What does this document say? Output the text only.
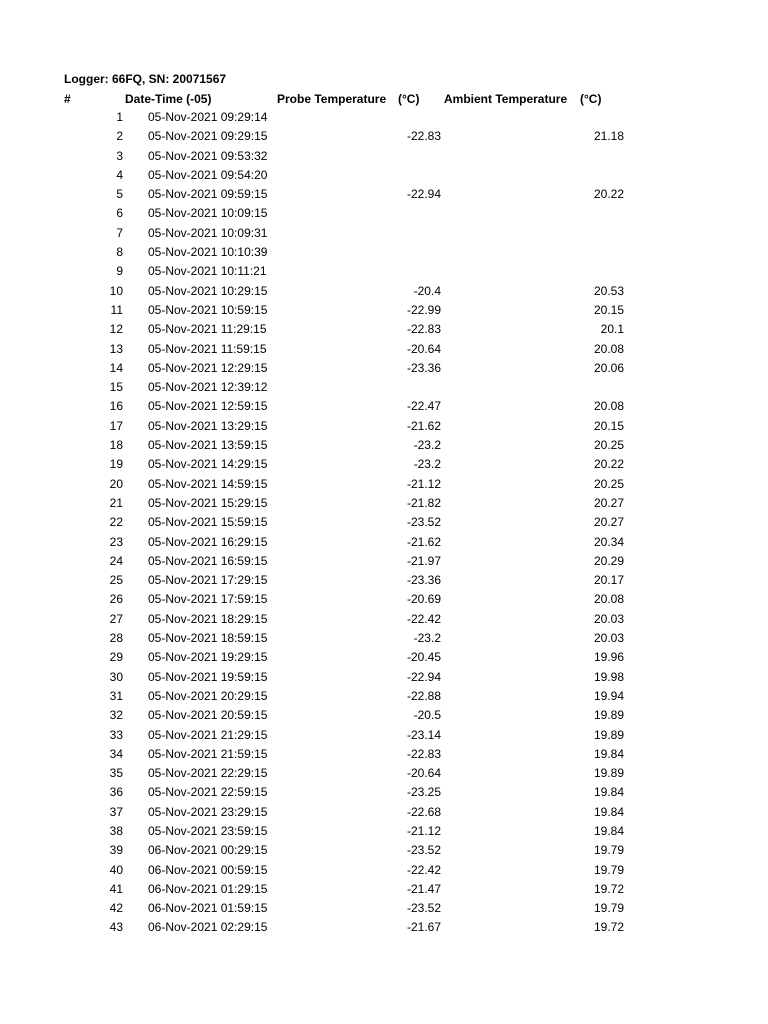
Logger: 66FQ, SN: 20071567
#	Date-Time (-05)	Probe Temperature (°C) Ambient Temperature (°C)
1 05-Nov-2021 09:29:14
2 05-Nov-2021 09:29:15	-22.83	21.18
3 05-Nov-2021 09:53:32
4 05-Nov-2021 09:54:20
5 05-Nov-2021 09:59:15	-22.94	20.22
6 05-Nov-2021 10:09:15
7 05-Nov-2021 10:09:31
8 05-Nov-2021 10:10:39
9 05-Nov-2021 10:11:21
10 05-Nov-2021 10:29:15	-20.4	20.53
11 05-Nov-2021 10:59:15	-22.99	20.15
12 05-Nov-2021 11:29:15	-22.83	20.1
13 05-Nov-2021 11:59:15	-20.64	20.08
14 05-Nov-2021 12:29:15	-23.36	20.06
15 05-Nov-2021 12:39:12
16 05-Nov-2021 12:59:15	-22.47	20.08
17 05-Nov-2021 13:29:15	-21.62	20.15
18 05-Nov-2021 13:59:15	-23.2	20.25
19 05-Nov-2021 14:29:15	-23.2	20.22
20 05-Nov-2021 14:59:15	-21.12	20.25
21 05-Nov-2021 15:29:15	-21.82	20.27
22 05-Nov-2021 15:59:15	-23.52	20.27
23 05-Nov-2021 16:29:15	-21.62	20.34
24 05-Nov-2021 16:59:15	-21.97	20.29
25 05-Nov-2021 17:29:15	-23.36	20.17
26 05-Nov-2021 17:59:15	-20.69	20.08
27 05-Nov-2021 18:29:15	-22.42	20.03
28 05-Nov-2021 18:59:15	-23.2	20.03
29 05-Nov-2021 19:29:15	-20.45	19.96
30 05-Nov-2021 19:59:15	-22.94	19.98
31 05-Nov-2021 20:29:15	-22.88	19.94
32 05-Nov-2021 20:59:15	-20.5	19.89
33 05-Nov-2021 21:29:15	-23.14	19.89
34 05-Nov-2021 21:59:15	-22.83	19.84
35 05-Nov-2021 22:29:15	-20.64	19.89
36 05-Nov-2021 22:59:15	-23.25	19.84
37 05-Nov-2021 23:29:15	-22.68	19.84
38 05-Nov-2021 23:59:15	-21.12	19.84
39 06-Nov-2021 00:29:15	-23.52	19.79
40 06-Nov-2021 00:59:15	-22.42	19.79
41 06-Nov-2021 01:29:15	-21.47	19.72
42 06-Nov-2021 01:59:15	-23.52	19.79
43 06-Nov-2021 02:29:15	-21.67	19.72
